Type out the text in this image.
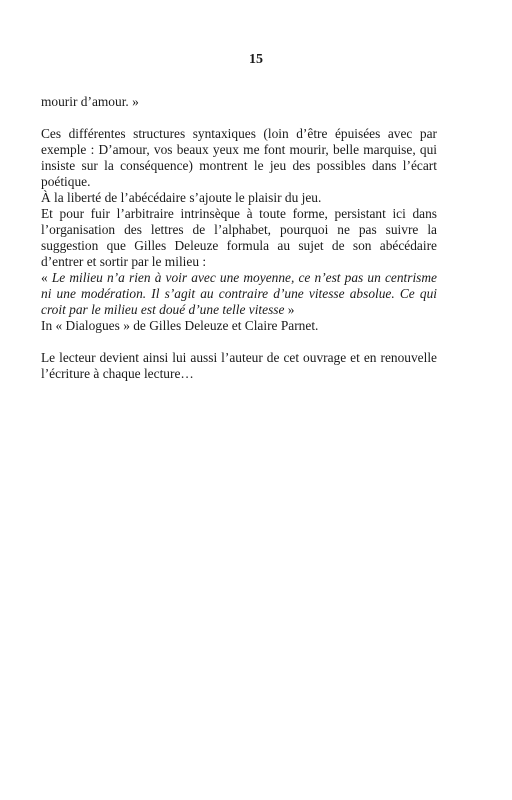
15

mourir d’amour. »

Ces différentes structures syntaxiques (loin d’être épuisées avec par exemple : D’amour, vos beaux yeux me font mourir, belle marquise, qui insiste sur la conséquence) montrent le jeu des possibles dans l’écart poétique.

À la liberté de l’abécédaire s’ajoute le plaisir du jeu.

Et pour fuir l’arbitraire intrinsèque à toute forme, persistant ici dans l’organisation des lettres de l’alphabet, pourquoi ne pas suivre la suggestion que Gilles Deleuze formula au sujet de son abécédaire d’entrer et sortir par le milieu :

« Le milieu n’a rien à voir avec une moyenne, ce n’est pas un centrisme ni une modération. Il s’agit au contraire d’une vitesse absolue. Ce qui croit par le milieu est doué d’une telle vitesse »

In « Dialogues » de Gilles Deleuze et Claire Parnet.

Le lecteur devient ainsi lui aussi l’auteur de cet ouvrage et en renouvelle l’écriture à chaque lecture…
